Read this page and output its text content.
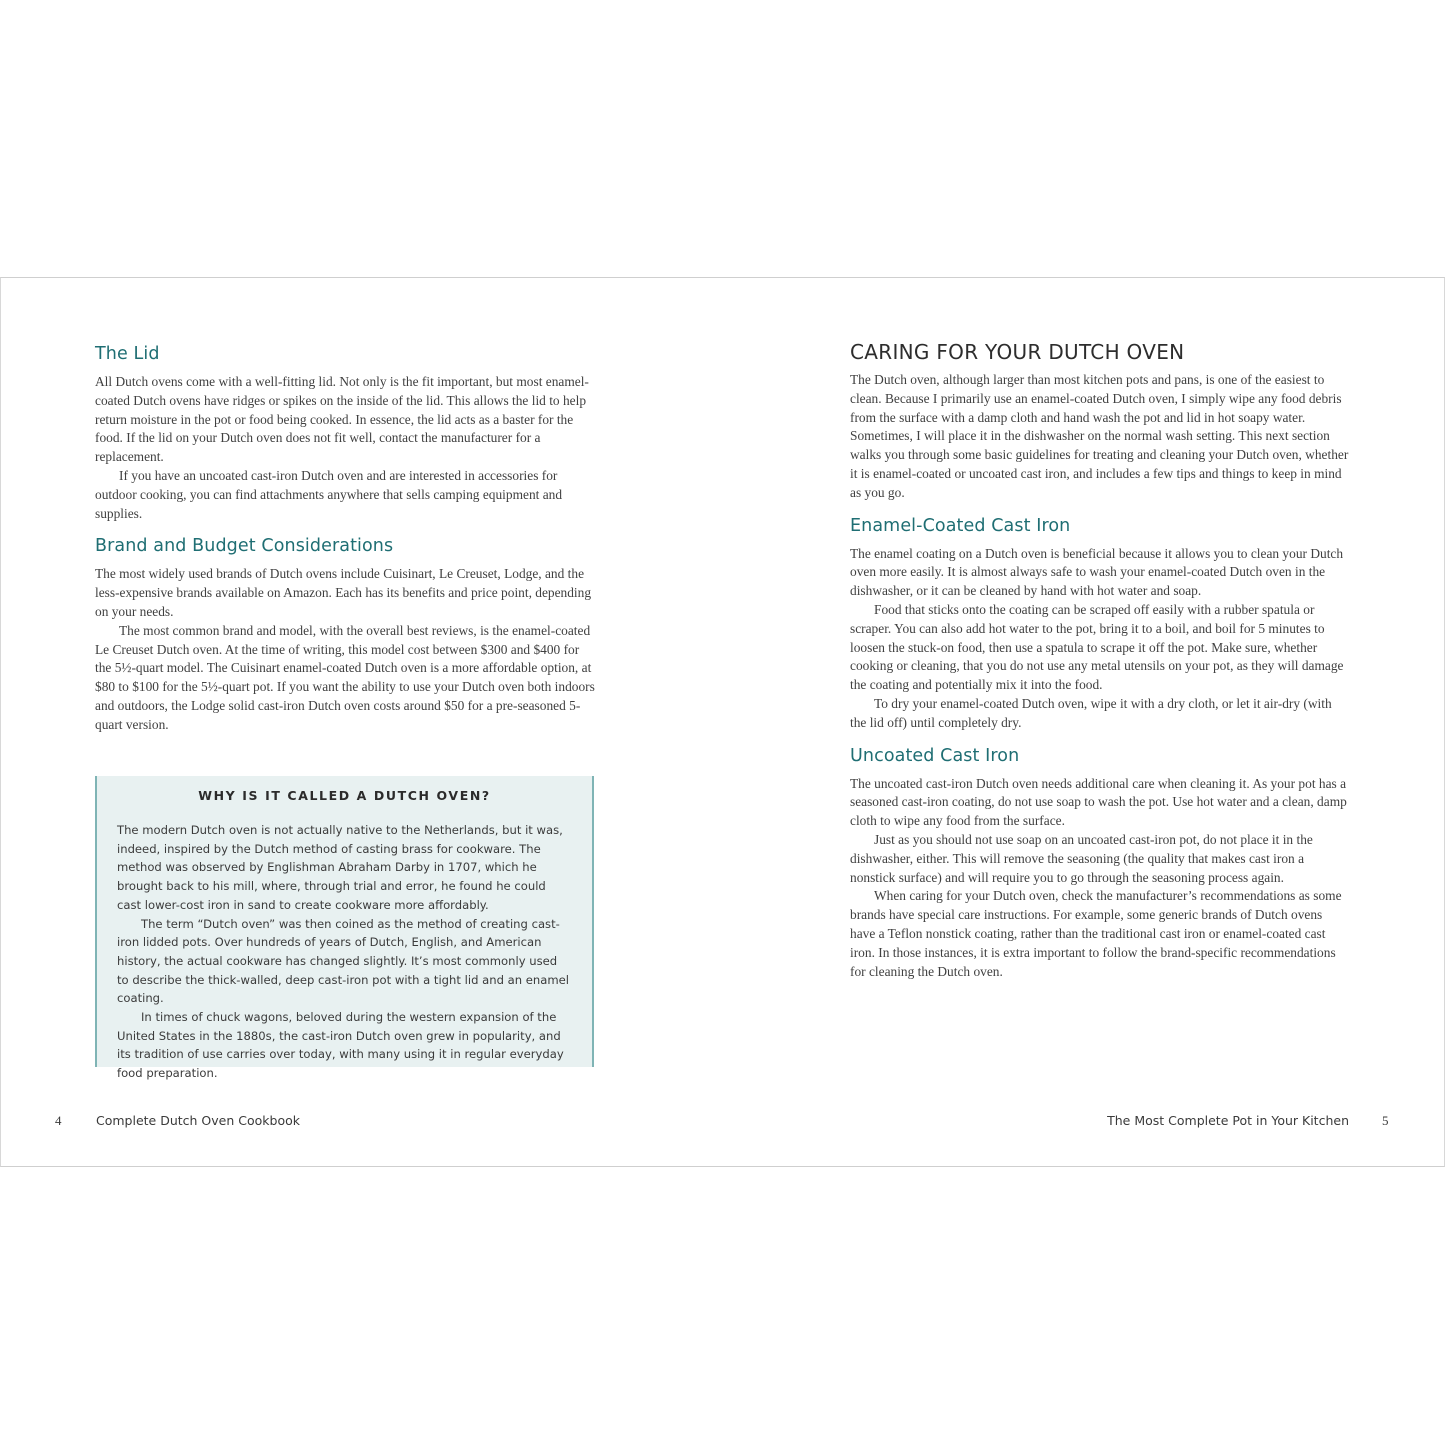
The Lid

All Dutch ovens come with a well-fitting lid. Not only is the fit important, but most enamel-coated Dutch ovens have ridges or spikes on the inside of the lid. This allows the lid to help return moisture in the pot or food being cooked. In essence, the lid acts as a baster for the food. If the lid on your Dutch oven does not fit well, contact the manufacturer for a replacement.

If you have an uncoated cast-iron Dutch oven and are interested in accessories for outdoor cooking, you can find attachments anywhere that sells camping equipment and supplies.

Brand and Budget Considerations

The most widely used brands of Dutch ovens include Cuisinart, Le Creuset, Lodge, and the less-expensive brands available on Amazon. Each has its benefits and price point, depending on your needs.

The most common brand and model, with the overall best reviews, is the enamel-coated Le Creuset Dutch oven. At the time of writing, this model cost between $300 and $400 for the 5½-quart model. The Cuisinart enamel-coated Dutch oven is a more affordable option, at $80 to $100 for the 5½-quart pot. If you want the ability to use your Dutch oven both indoors and outdoors, the Lodge solid cast-iron Dutch oven costs around $50 for a pre-seasoned 5-quart version.

WHY IS IT CALLED A DUTCH OVEN?

The modern Dutch oven is not actually native to the Netherlands, but it was, indeed, inspired by the Dutch method of casting brass for cookware. The method was observed by Englishman Abraham Darby in 1707, which he brought back to his mill, where, through trial and error, he found he could cast lower-cost iron in sand to create cookware more affordably.

The term “Dutch oven” was then coined as the method of creating cast-iron lidded pots. Over hundreds of years of Dutch, English, and American history, the actual cookware has changed slightly. It’s most commonly used to describe the thick-walled, deep cast-iron pot with a tight lid and an enamel coating.

In times of chuck wagons, beloved during the western expansion of the United States in the 1880s, the cast-iron Dutch oven grew in popularity, and its tradition of use carries over today, with many using it in regular everyday food preparation.

4	Complete Dutch Oven Cookbook
CARING FOR YOUR DUTCH OVEN

The Dutch oven, although larger than most kitchen pots and pans, is one of the easiest to clean. Because I primarily use an enamel-coated Dutch oven, I simply wipe any food debris from the surface with a damp cloth and hand wash the pot and lid in hot soapy water. Sometimes, I will place it in the dishwasher on the normal wash setting. This next section walks you through some basic guidelines for treating and cleaning your Dutch oven, whether it is enamel-coated or uncoated cast iron, and includes a few tips and things to keep in mind as you go.

Enamel-Coated Cast Iron

The enamel coating on a Dutch oven is beneficial because it allows you to clean your Dutch oven more easily. It is almost always safe to wash your enamel-coated Dutch oven in the dishwasher, or it can be cleaned by hand with hot water and soap.

Food that sticks onto the coating can be scraped off easily with a rubber spatula or scraper. You can also add hot water to the pot, bring it to a boil, and boil for 5 minutes to loosen the stuck-on food, then use a spatula to scrape it off the pot. Make sure, whether cooking or cleaning, that you do not use any metal utensils on your pot, as they will damage the coating and potentially mix it into the food.

To dry your enamel-coated Dutch oven, wipe it with a dry cloth, or let it air-dry (with the lid off) until completely dry.

Uncoated Cast Iron

The uncoated cast-iron Dutch oven needs additional care when cleaning it. As your pot has a seasoned cast-iron coating, do not use soap to wash the pot. Use hot water and a clean, damp cloth to wipe any food from the surface.

Just as you should not use soap on an uncoated cast-iron pot, do not place it in the dishwasher, either. This will remove the seasoning (the quality that makes cast iron a nonstick surface) and will require you to go through the seasoning process again.

When caring for your Dutch oven, check the manufacturer’s recommendations as some brands have special care instructions. For example, some generic brands of Dutch ovens have a Teflon nonstick coating, rather than the traditional cast iron or enamel-coated cast iron. In those instances, it is extra important to follow the brand-specific recommendations for cleaning the Dutch oven.

The Most Complete Pot in Your Kitchen	5
